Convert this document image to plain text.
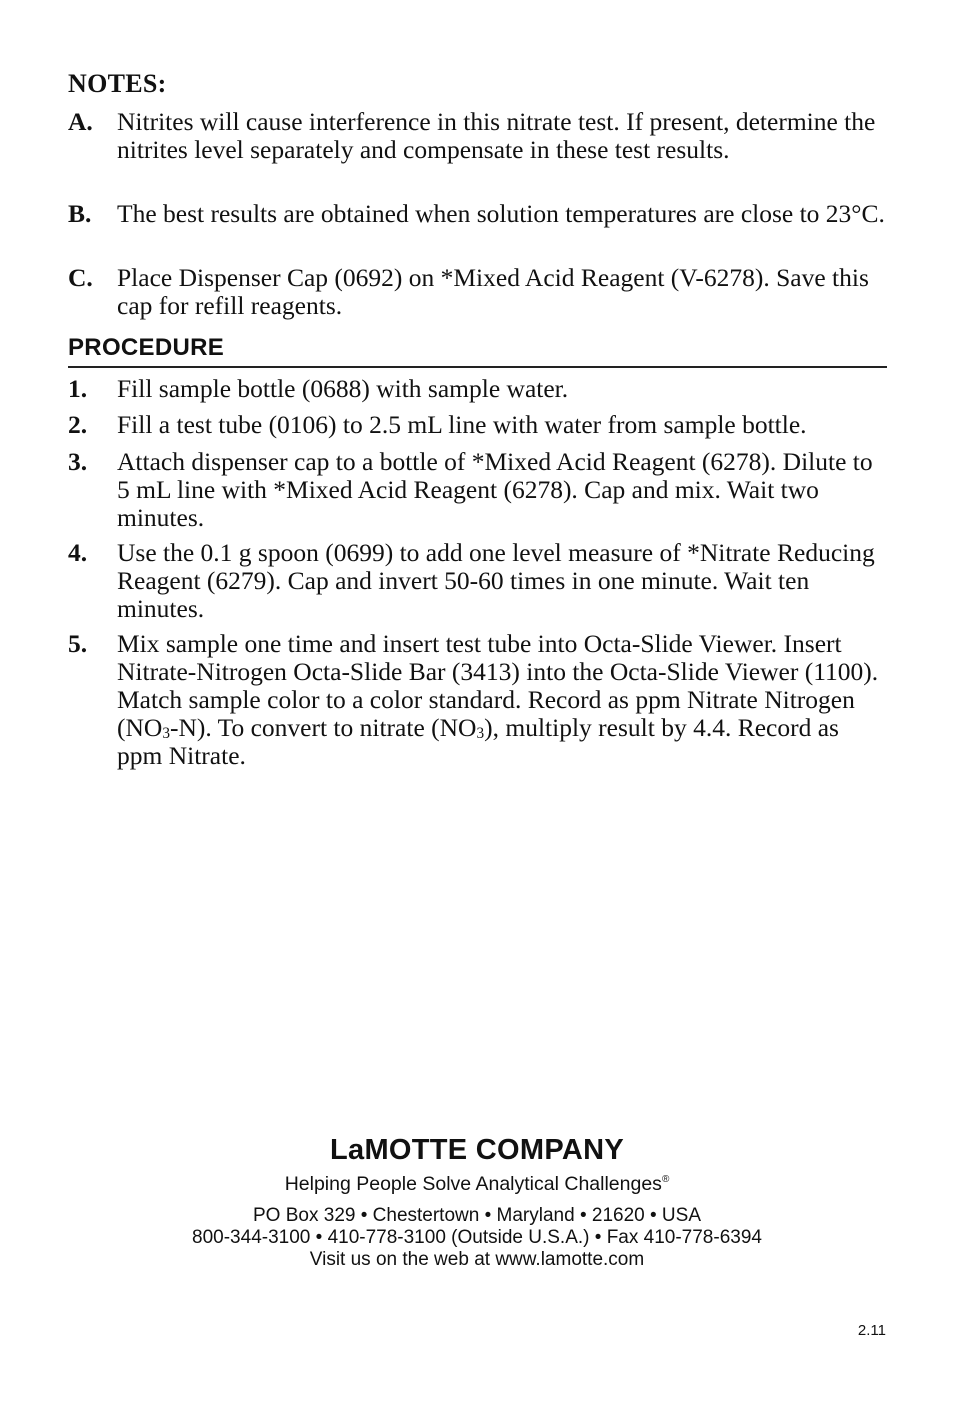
NOTES:
A. Nitrites will cause interference in this nitrate test. If present, determine the nitrites level separately and compensate in these test results.
B. The best results are obtained when solution temperatures are close to 23°C.
C. Place Dispenser Cap (0692) on *Mixed Acid Reagent (V-6278). Save this cap for refill reagents.
PROCEDURE
1. Fill sample bottle (0688) with sample water.
2. Fill a test tube (0106) to 2.5 mL line with water from sample bottle.
3. Attach dispenser cap to a bottle of *Mixed Acid Reagent (6278). Dilute to 5 mL line with *Mixed Acid Reagent (6278). Cap and mix. Wait two minutes.
4. Use the 0.1 g spoon (0699) to add one level measure of *Nitrate Reducing Reagent (6279). Cap and invert 50-60 times in one minute. Wait ten minutes.
5. Mix sample one time and insert test tube into Octa-Slide Viewer. Insert Nitrate-Nitrogen Octa-Slide Bar (3413) into the Octa-Slide Viewer (1100). Match sample color to a color standard. Record as ppm Nitrate Nitrogen $(NO_3-N)$. To convert to nitrate $(NO_3)$, multiply result by 4.4. Record as ppm Nitrate.
LaMOTTE COMPANY
Helping People Solve Analytical Challenges®
PO Box 329 • Chestertown • Maryland • 21620 • USA
800-344-3100 • 410-778-3100 (Outside U.S.A.) • Fax 410-778-6394
Visit us on the web at www.lamotte.com
2.11
